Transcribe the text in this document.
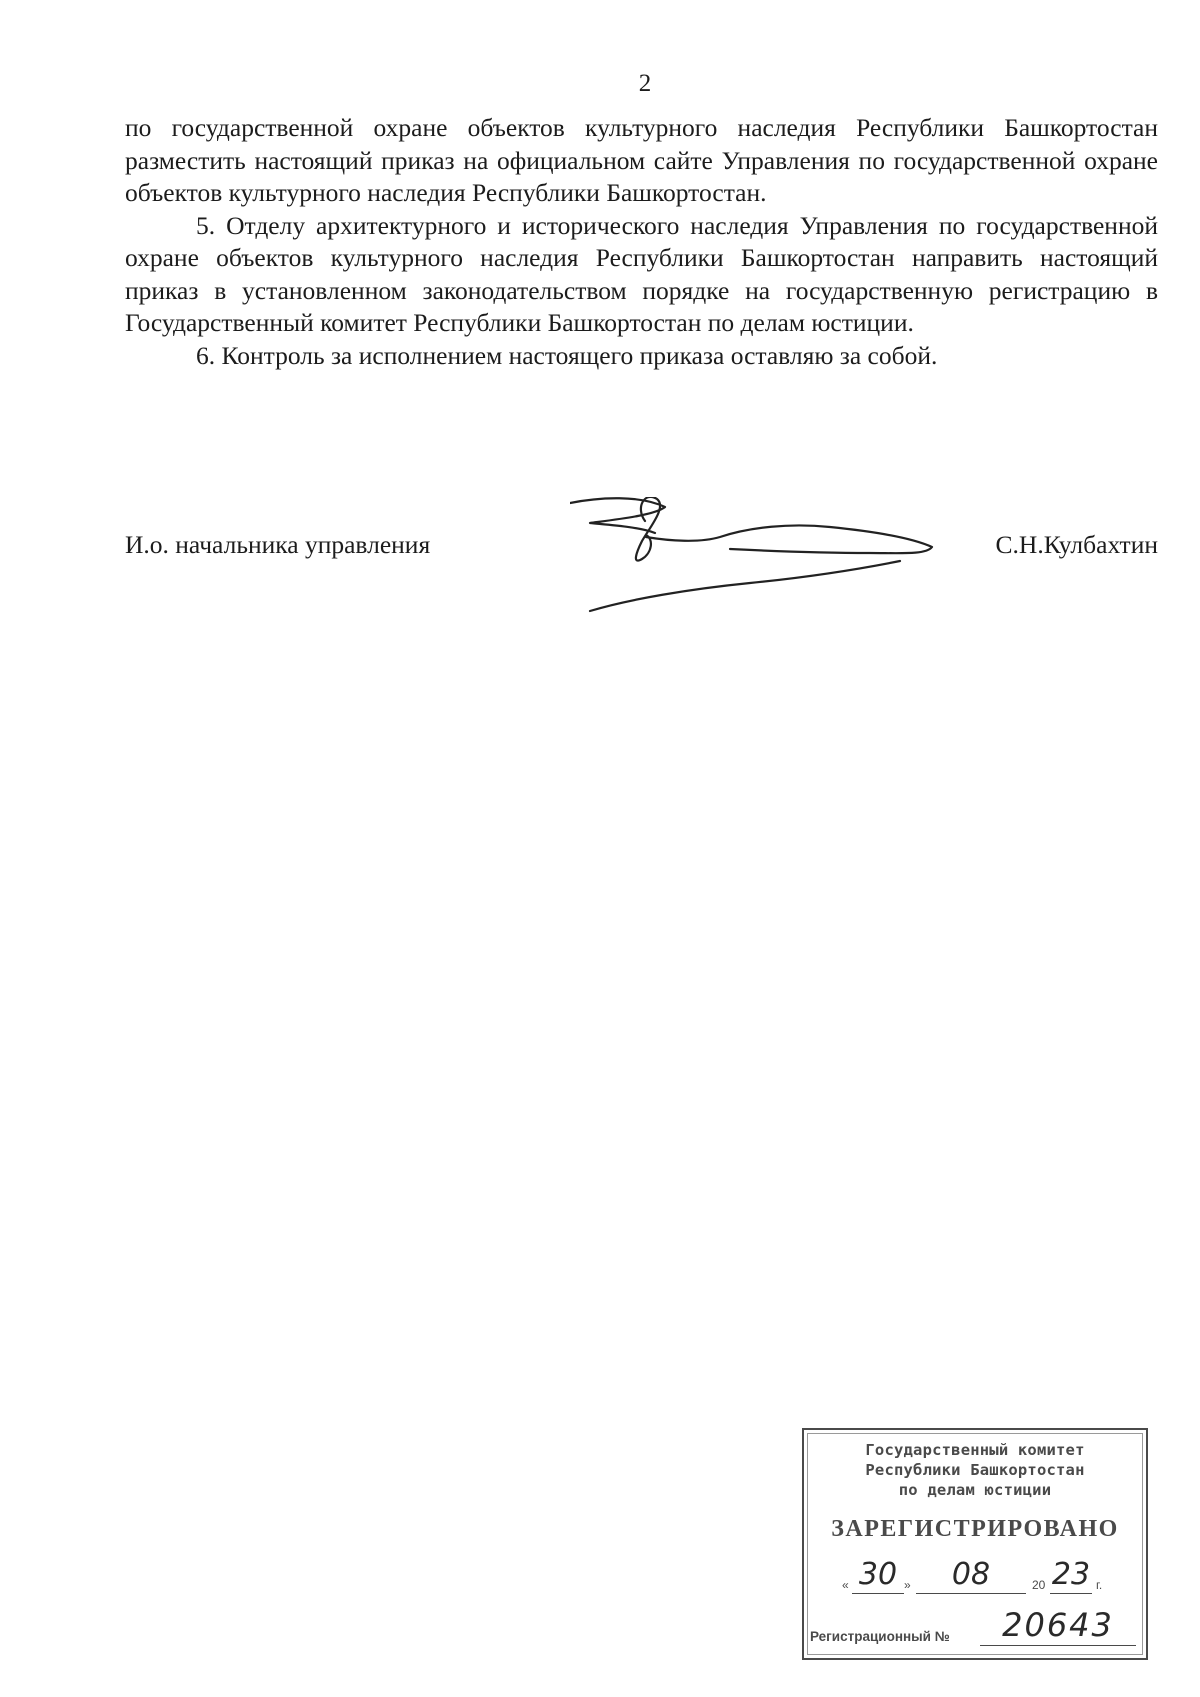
2

по государственной охране объектов культурного наследия Республики Башкортостан разместить настоящий приказ на официальном сайте Управления по государственной охране объектов культурного наследия Республики Башкортостан.

5. Отделу архитектурного и исторического наследия Управления по государственной охране объектов культурного наследия Республики Башкортостан направить настоящий приказ в установленном законодательством порядке на государственную регистрацию в Государственный комитет Республики Башкортостан по делам юстиции.

6. Контроль за исполнением настоящего приказа оставляю за собой.

И.о. начальника управления	С.Н.Кулбахтин
Государственный комитет
Республики Башкортостан
по делам юстиции
ЗАРЕГИСТРИРОВАНО
« 30 »	08	20 23 г.
Регистрационный №	20643
